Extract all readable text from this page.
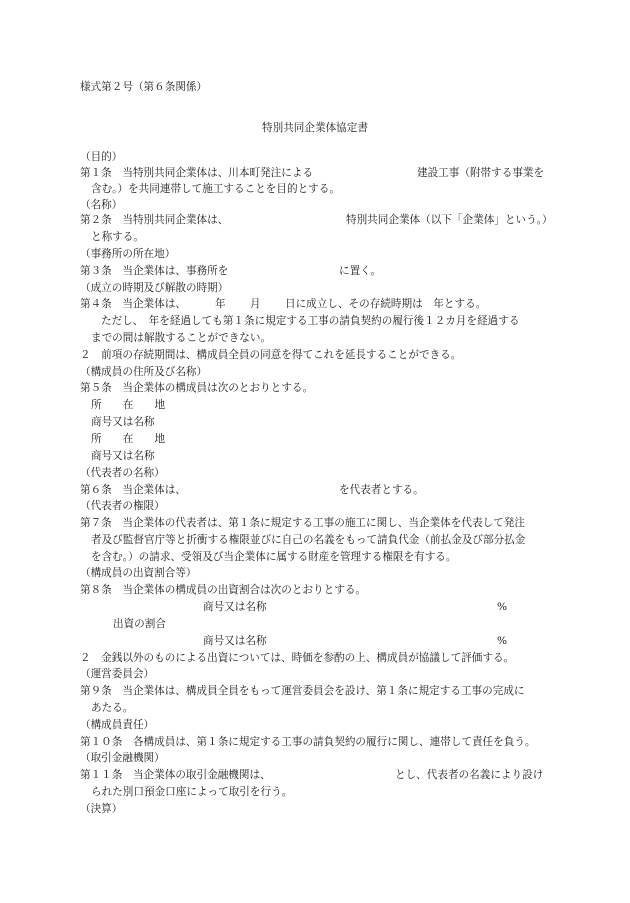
様式第２号（第６条関係）
特別共同企業体協定書
（目的）
第１条　当特別共同企業体は、川本町発注による	建設工事（附帯する事業を
含む。）を共同連帯して施工することを目的とする。
（名称）
第２条　当特別共同企業体は、	特別共同企業体（以下「企業体」という。）
と称する。
（事務所の所在地）
第３条　当企業体は、事務所を	に置く。
（成立の時期及び解散の時期）
第４条　当企業体は、	年 月 日に成立し、その存続時期は　年とする。
ただし、　年を経過しても第１条に規定する工事の請負契約の履行後１２カ月を経過する
までの間は解散することができない。
２　前項の存続期間は、構成員全員の同意を得てこれを延長することができる。
（構成員の住所及び名称）
第５条　当企業体の構成員は次のとおりとする。
所　　在　　地
商号又は名称
所　　在　　地
商号又は名称
（代表者の名称）
第６条　当企業体は、	を代表者とする。
（代表者の権限）
第７条　当企業体の代表者は、第１条に規定する工事の施工に関し、当企業体を代表して発注
者及び監督官庁等と折衝する権限並びに自己の名義をもって請負代金（前払金及び部分払金
を含む。）の請求、受領及び当企業体に属する財産を管理する権限を有する。
（構成員の出資割合等）
第８条　当企業体の構成員の出資割合は次のとおりとする。
商号又は名称	%
出資の割合
商号又は名称	%
２　金銭以外のものによる出資については、時価を参酌の上、構成員が協議して評価する。
（運営委員会）
第９条　当企業体は、構成員全員をもって運営委員会を設け、第１条に規定する工事の完成に
あたる。
（構成員責任）
第１０条　各構成員は、第１条に規定する工事の請負契約の履行に関し、連帯して責任を負う。
（取引金融機関）
第１１条　当企業体の取引金融機関は、	とし、代表者の名義により設け
られた別口預金口座によって取引を行う。
（決算）
